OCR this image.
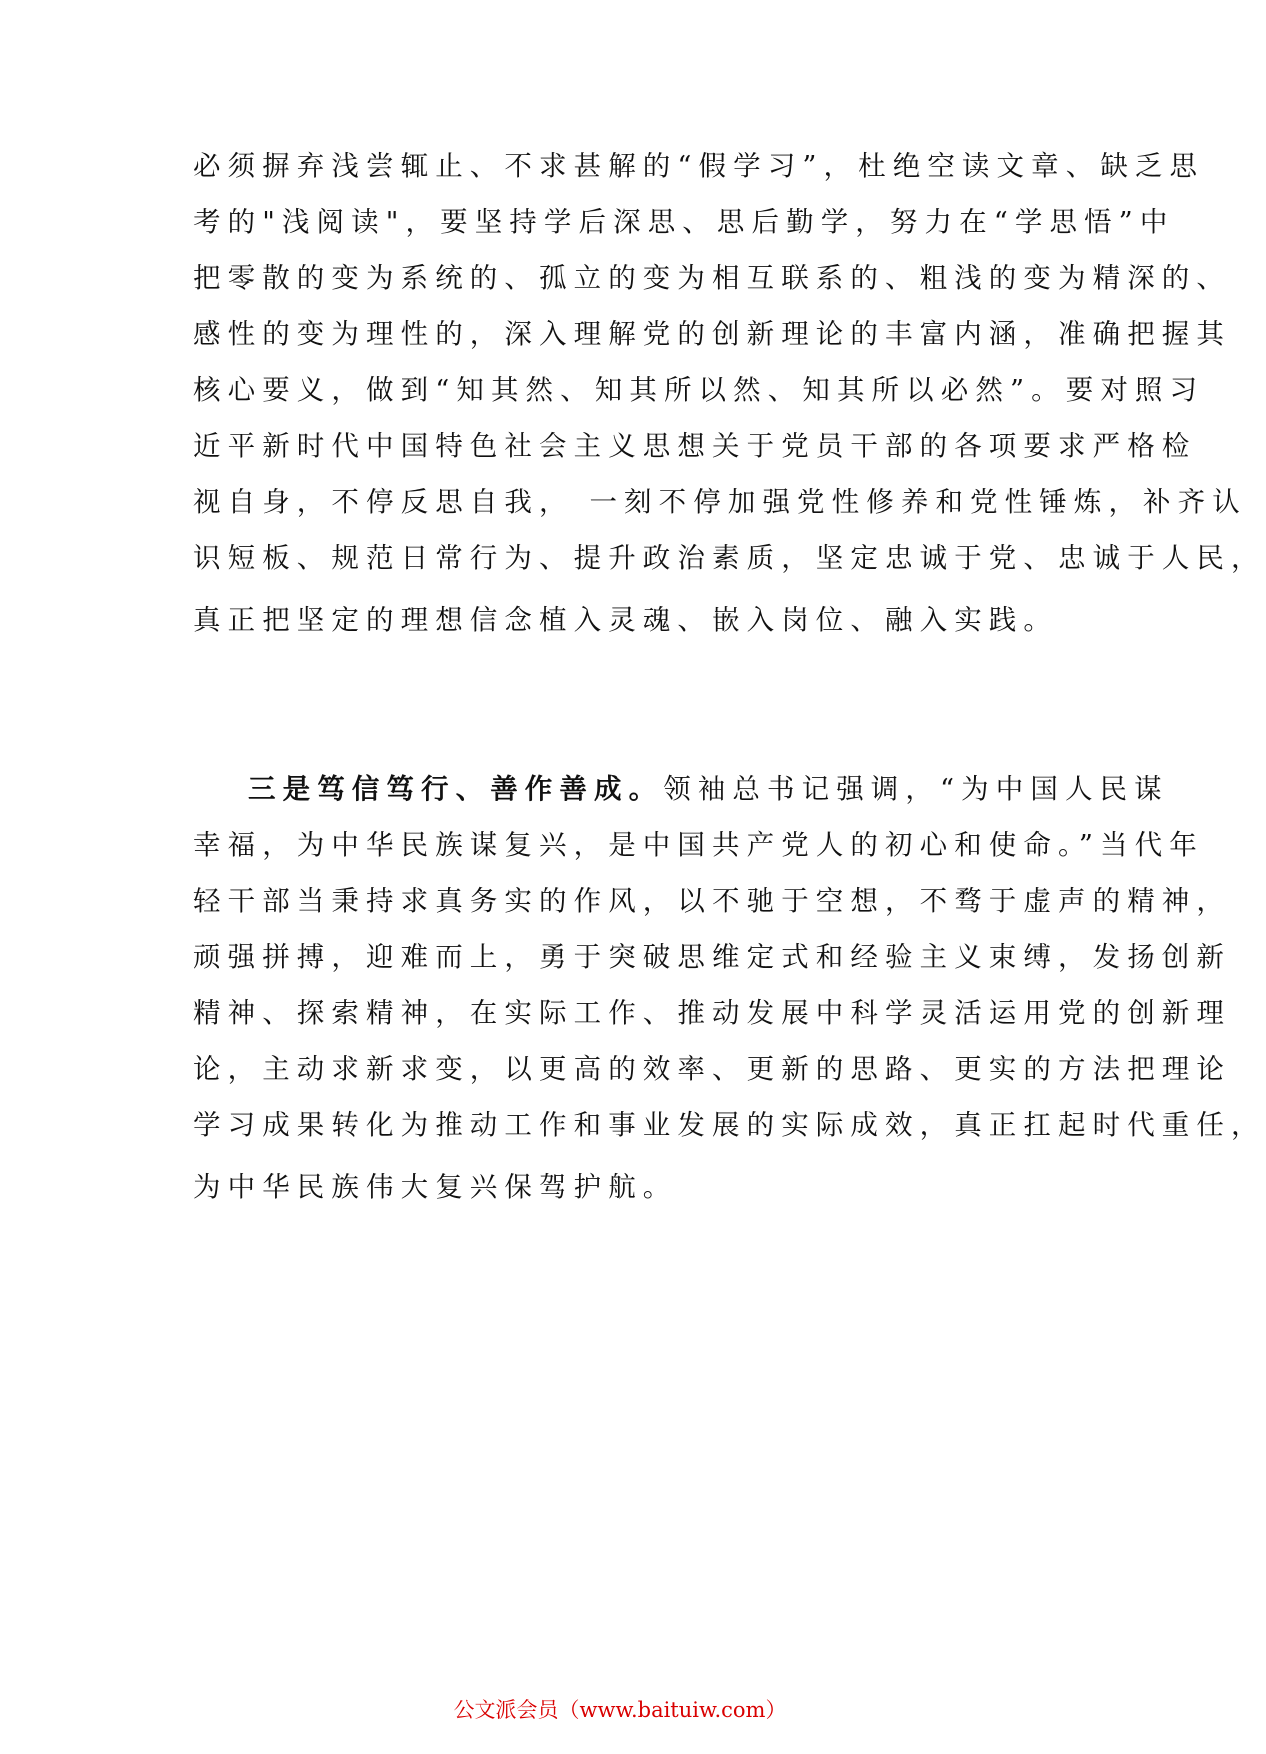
必须摒弃浅尝辄止、不求甚解的“假学习”，杜绝空读文章、缺乏思
考的"浅阅读"，要坚持学后深思、思后勤学，努力在“学思悟”中
把零散的变为系统的、孤立的变为相互联系的、粗浅的变为精深的、
感性的变为理性的，深入理解党的创新理论的丰富内涵，准确把握其
核心要义，做到“知其然、知其所以然、知其所以必然”。要对照习
近平新时代中国特色社会主义思想关于党员干部的各项要求严格检
视自身，不停反思自我， 一刻不停加强党性修养和党性锤炼，补齐认
识短板、规范日常行为、提升政治素质，坚定忠诚于党、忠诚于人民，
真正把坚定的理想信念植入灵魂、嵌入岗位、融入实践。
三是笃信笃行、善作善成。领袖总书记强调，“为中国人民谋
幸福，为中华民族谋复兴，是中国共产党人的初心和使命。”当代年
轻干部当秉持求真务实的作风，以不驰于空想，不骛于虚声的精神，
顽强拼搏，迎难而上，勇于突破思维定式和经验主义束缚，发扬创新
精神、探索精神，在实际工作、推动发展中科学灵活运用党的创新理
论，主动求新求变，以更高的效率、更新的思路、更实的方法把理论
学习成果转化为推动工作和事业发展的实际成效，真正扛起时代重任，
为中华民族伟大复兴保驾护航。
公文派会员（www.baituiw.com）
